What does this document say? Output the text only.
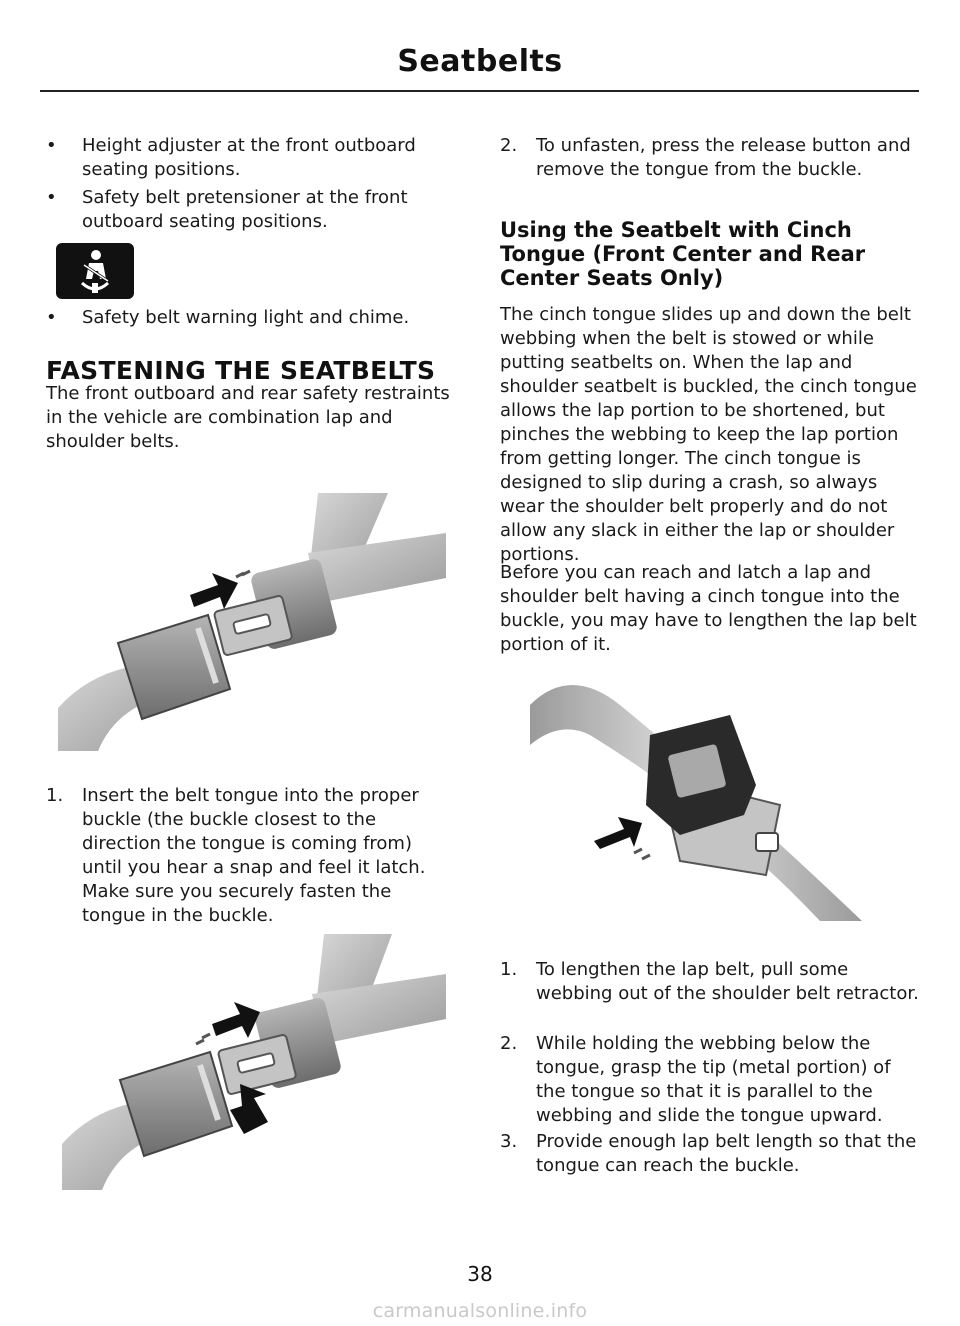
Seatbelts
• Height adjuster at the front outboard seating positions.
• Safety belt pretensioner at the front outboard seating positions.
• Safety belt warning light and chime.
FASTENING THE SEATBELTS
The front outboard and rear safety restraints in the vehicle are combination lap and shoulder belts.
1. Insert the belt tongue into the proper buckle (the buckle closest to the direction the tongue is coming from) until you hear a snap and feel it latch. Make sure you securely fasten the tongue in the buckle.
2. To unfasten, press the release button and remove the tongue from the buckle.
Using the Seatbelt with Cinch Tongue (Front Center and Rear Center Seats Only)
The cinch tongue slides up and down the belt webbing when the belt is stowed or while putting seatbelts on. When the lap and shoulder seatbelt is buckled, the cinch tongue allows the lap portion to be shortened, but pinches the webbing to keep the lap portion from getting longer. The cinch tongue is designed to slip during a crash, so always wear the shoulder belt properly and do not allow any slack in either the lap or shoulder portions.
Before you can reach and latch a lap and shoulder belt having a cinch tongue into the buckle, you may have to lengthen the lap belt portion of it.
1. To lengthen the lap belt, pull some webbing out of the shoulder belt retractor.
2. While holding the webbing below the tongue, grasp the tip (metal portion) of the tongue so that it is parallel to the webbing and slide the tongue upward.
3. Provide enough lap belt length so that the tongue can reach the buckle.
38
carmanualsonline.info
